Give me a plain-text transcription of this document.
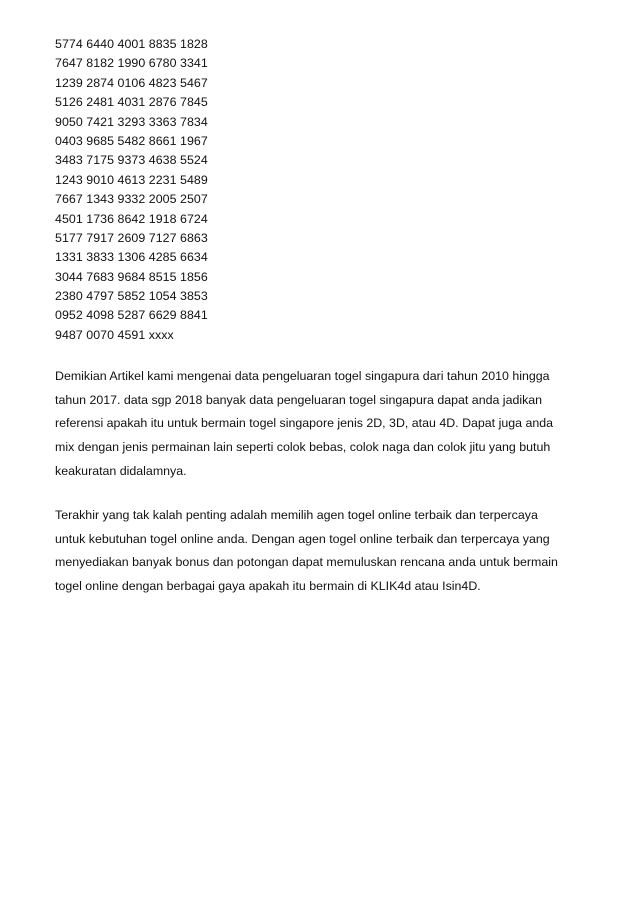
5774 6440 4001 8835 1828
7647 8182 1990 6780 3341
1239 2874 0106 4823 5467
5126 2481 4031 2876 7845
9050 7421 3293 3363 7834
0403 9685 5482 8661 1967
3483 7175 9373 4638 5524
1243 9010 4613 2231 5489
7667 1343 9332 2005 2507
4501 1736 8642 1918 6724
5177 7917 2609 7127 6863
1331 3833 1306 4285 6634
3044 7683 9684 8515 1856
2380 4797 5852 1054 3853
0952 4098 5287 6629 8841
9487 0070 4591 xxxx

Demikian Artikel kami mengenai data pengeluaran togel singapura dari tahun 2010 hingga
tahun 2017. data sgp 2018 banyak data pengeluaran togel singapura dapat anda jadikan
referensi apakah itu untuk bermain togel singapore jenis 2D, 3D, atau 4D. Dapat juga anda
mix dengan jenis permainan lain seperti colok bebas, colok naga dan colok jitu yang butuh
keakuratan didalamnya.

Terakhir yang tak kalah penting adalah memilih agen togel online terbaik dan terpercaya
untuk kebutuhan togel online anda. Dengan agen togel online terbaik dan terpercaya yang
menyediakan banyak bonus dan potongan dapat memuluskan rencana anda untuk bermain
togel online dengan berbagai gaya apakah itu bermain di KLIK4d atau Isin4D.
